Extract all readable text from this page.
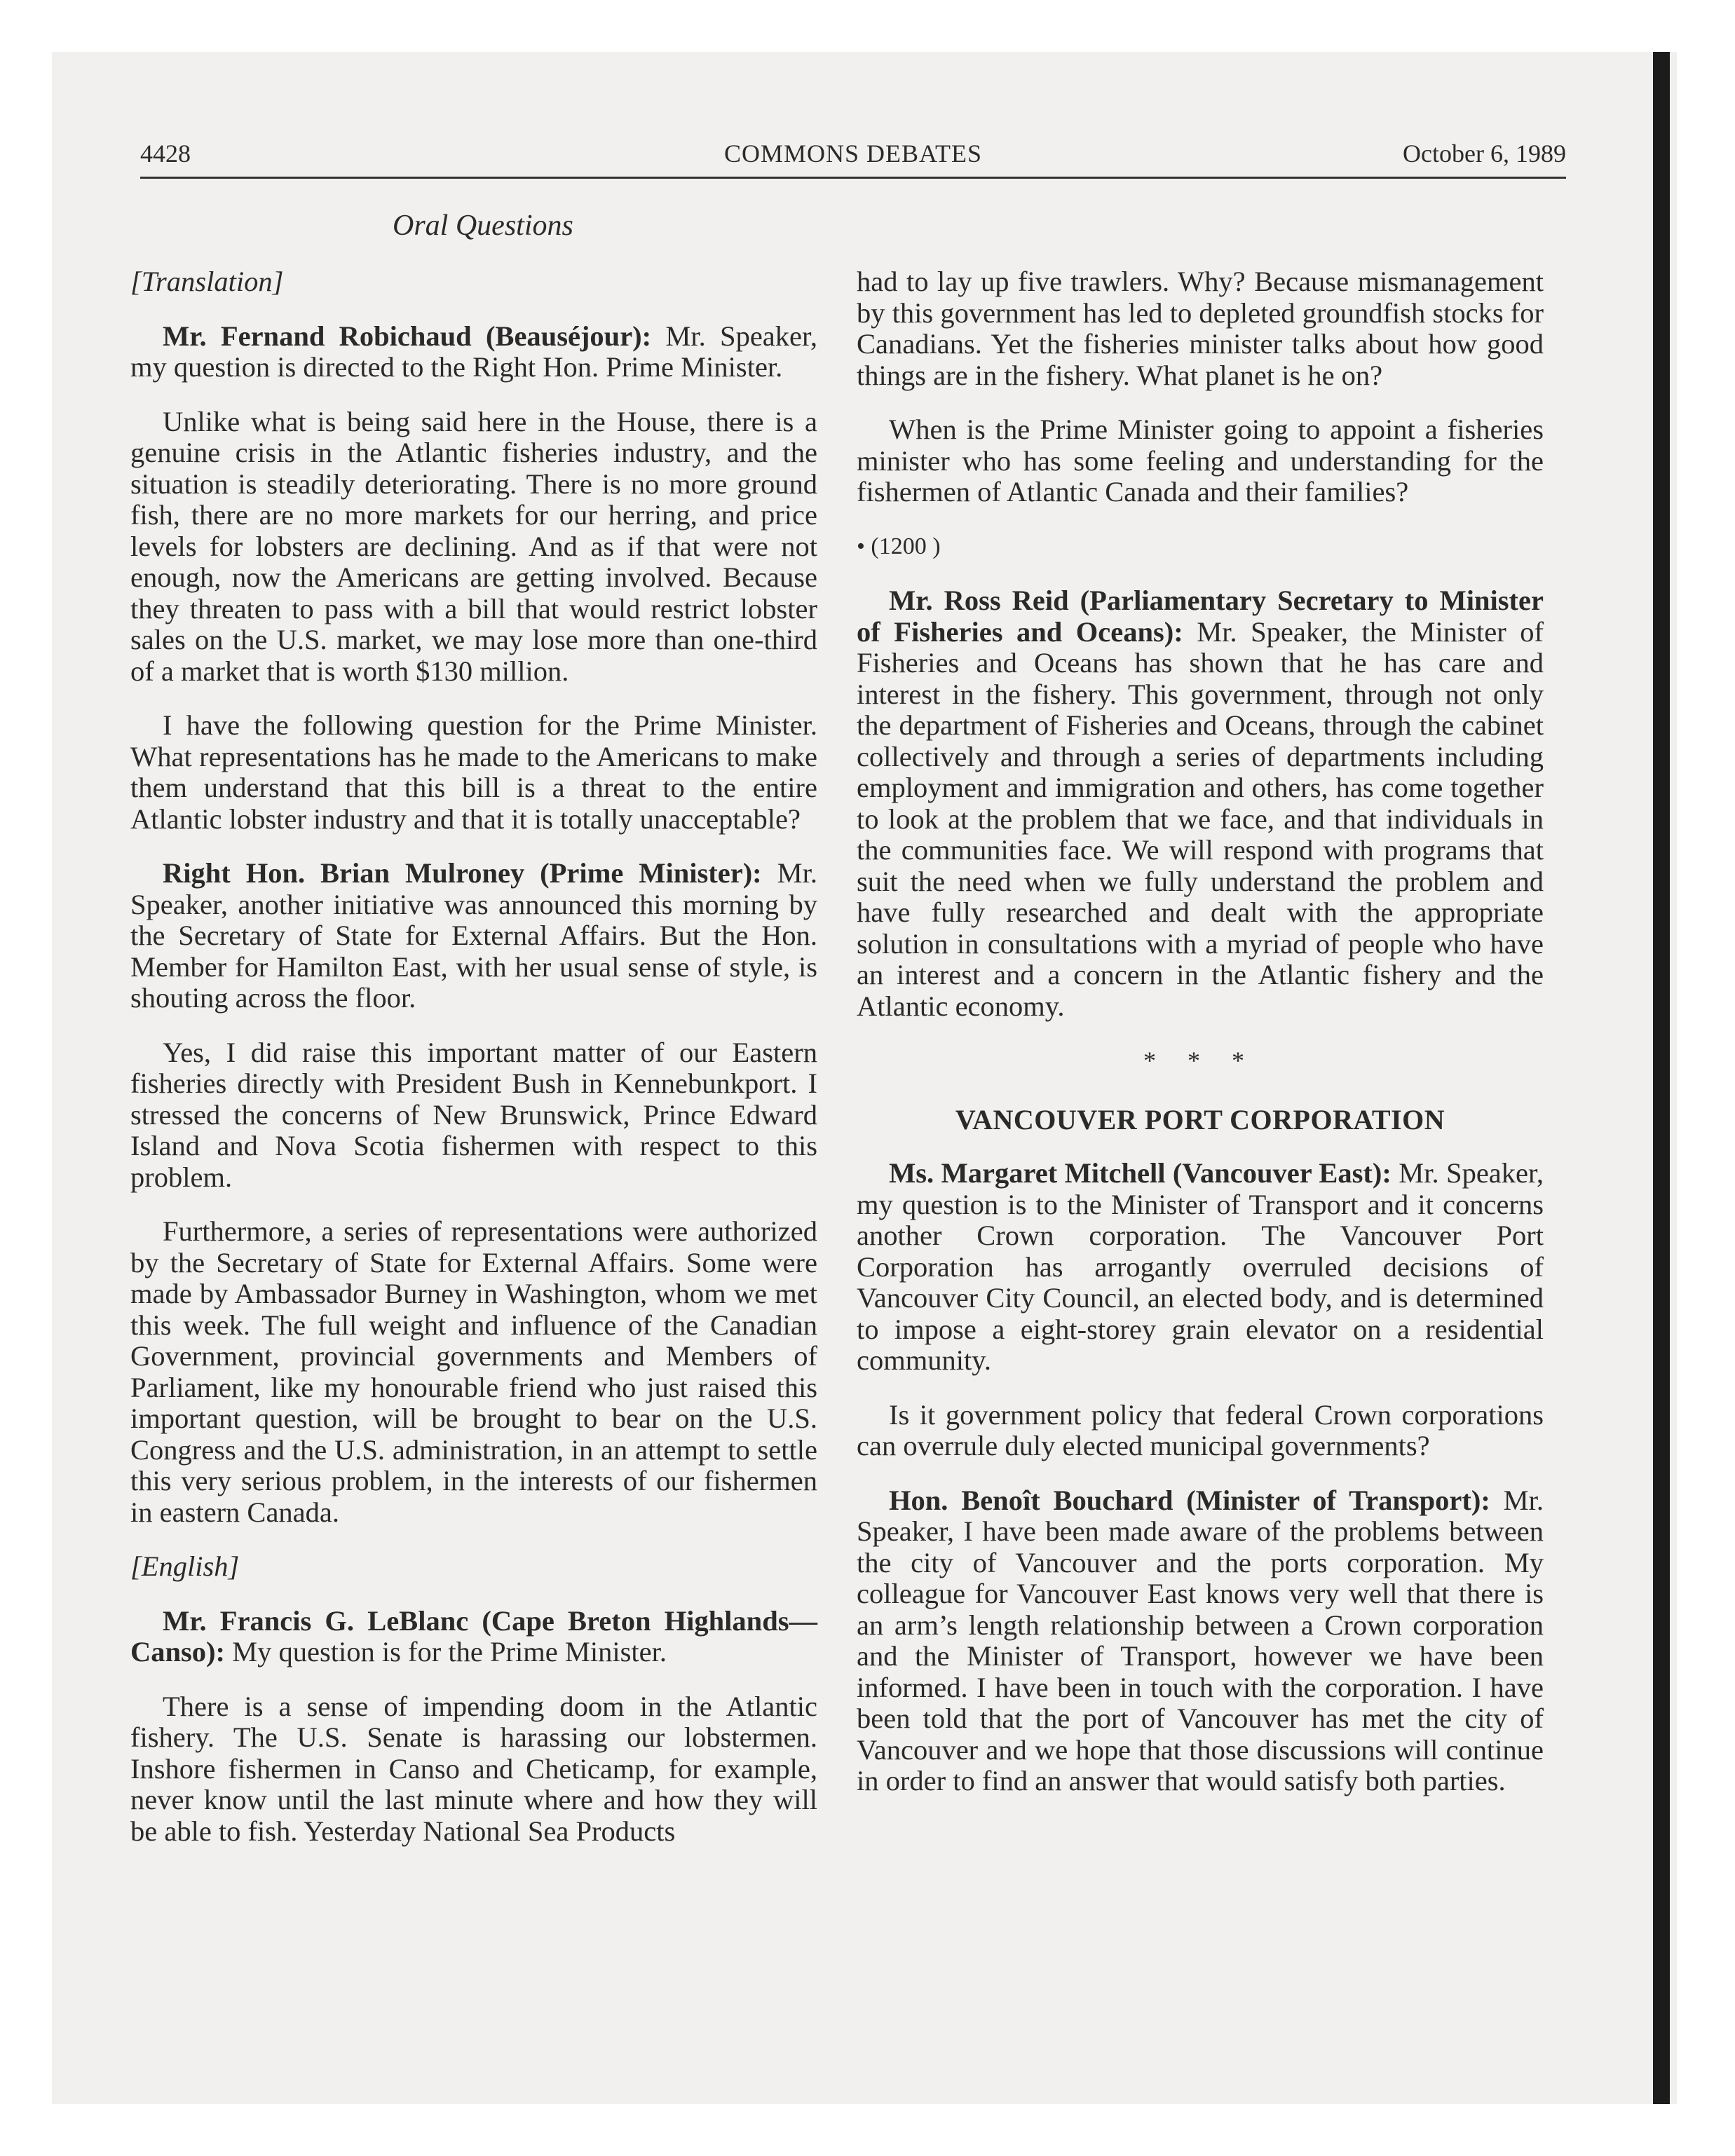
4428	COMMONS DEBATES	October 6, 1989
Oral Questions

[Translation]

Mr. Fernand Robichaud (Beauséjour): Mr. Speaker, my question is directed to the Right Hon. Prime Minister.

Unlike what is being said here in the House, there is a genuine crisis in the Atlantic fisheries industry, and the situation is steadily deteriorating. There is no more ground fish, there are no more markets for our herring, and price levels for lobsters are declining. And as if that were not enough, now the Americans are getting involved. Because they threaten to pass with a bill that would restrict lobster sales on the U.S. market, we may lose more than one-third of a market that is worth $130 million.

I have the following question for the Prime Minister. What representations has he made to the Americans to make them understand that this bill is a threat to the entire Atlantic lobster industry and that it is totally unacceptable?

Right Hon. Brian Mulroney (Prime Minister): Mr. Speaker, another initiative was announced this morning by the Secretary of State for External Affairs. But the Hon. Member for Hamilton East, with her usual sense of style, is shouting across the floor.

Yes, I did raise this important matter of our Eastern fisheries directly with President Bush in Kennebunkport. I stressed the concerns of New Brunswick, Prince Edward Island and Nova Scotia fishermen with respect to this problem.

Furthermore, a series of representations were authorized by the Secretary of State for External Affairs. Some were made by Ambassador Burney in Washington, whom we met this week. The full weight and influence of the Canadian Government, provincial governments and Members of Parliament, like my honourable friend who just raised this important question, will be brought to bear on the U.S. Congress and the U.S. administration, in an attempt to settle this very serious problem, in the interests of our fishermen in eastern Canada.

[English]

Mr. Francis G. LeBlanc (Cape Breton Highlands—Canso): My question is for the Prime Minister.

There is a sense of impending doom in the Atlantic fishery. The U.S. Senate is harassing our lobstermen. Inshore fishermen in Canso and Cheticamp, for example, never know until the last minute where and how they will be able to fish. Yesterday National Sea Products

had to lay up five trawlers. Why? Because mismanagement by this government has led to depleted groundfish stocks for Canadians. Yet the fisheries minister talks about how good things are in the fishery. What planet is he on?

When is the Prime Minister going to appoint a fisheries minister who has some feeling and understanding for the fishermen of Atlantic Canada and their families?

• (1200 )

Mr. Ross Reid (Parliamentary Secretary to Minister of Fisheries and Oceans): Mr. Speaker, the Minister of Fisheries and Oceans has shown that he has care and interest in the fishery. This government, through not only the department of Fisheries and Oceans, through the cabinet collectively and through a series of departments including employment and immigration and others, has come together to look at the problem that we face, and that individuals in the communities face. We will respond with programs that suit the need when we fully understand the problem and have fully researched and dealt with the appropriate solution in consultations with a myriad of people who have an interest and a concern in the Atlantic fishery and the Atlantic economy.

* * *
VANCOUVER PORT CORPORATION

Ms. Margaret Mitchell (Vancouver East): Mr. Speaker, my question is to the Minister of Transport and it concerns another Crown corporation. The Vancouver Port Corporation has arrogantly overruled decisions of Vancouver City Council, an elected body, and is determined to impose a eight-storey grain elevator on a residential community.

Is it government policy that federal Crown corporations can overrule duly elected municipal governments?

Hon. Benoît Bouchard (Minister of Transport): Mr. Speaker, I have been made aware of the problems between the city of Vancouver and the ports corporation. My colleague for Vancouver East knows very well that there is an arm’s length relationship between a Crown corporation and the Minister of Transport, however we have been informed. I have been in touch with the corporation. I have been told that the port of Vancouver has met the city of Vancouver and we hope that those discussions will continue in order to find an answer that would satisfy both parties.
